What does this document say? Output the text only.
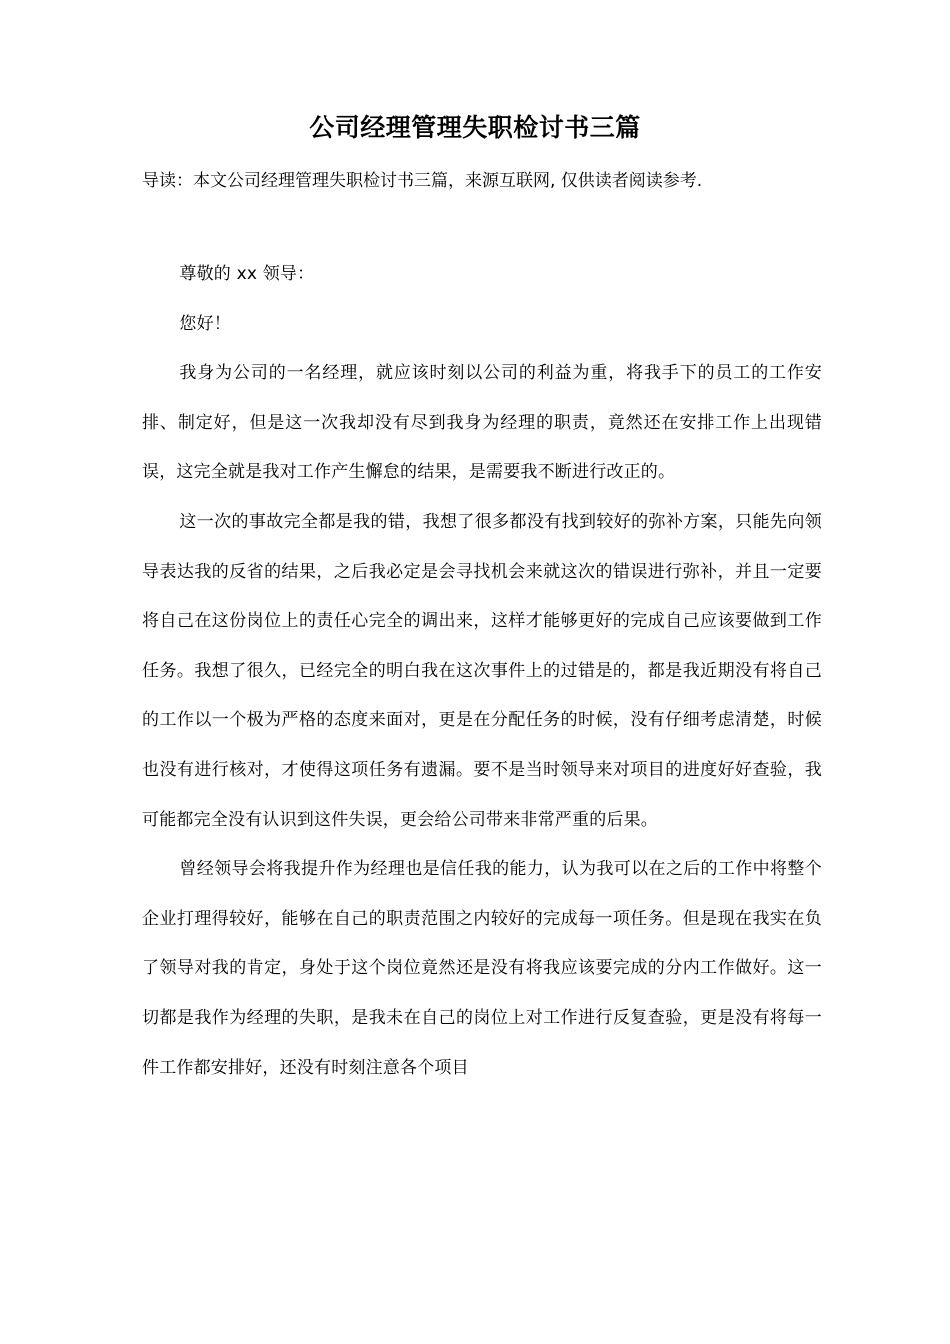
公司经理管理失职检讨书三篇
导读：本文公司经理管理失职检讨书三篇，来源互联网, 仅供读者阅读参考.

尊敬的 xx 领导：

您好！

我身为公司的一名经理，就应该时刻以公司的利益为重，将我手下的员工的工作安排、制定好，但是这一次我却没有尽到我身为经理的职责，竟然还在安排工作上出现错误，这完全就是我对工作产生懈怠的结果，是需要我不断进行改正的。

这一次的事故完全都是我的错，我想了很多都没有找到较好的弥补方案，只能先向领导表达我的反省的结果，之后我必定是会寻找机会来就这次的错误进行弥补，并且一定要将自己在这份岗位上的责任心完全的调出来，这样才能够更好的完成自己应该要做到工作任务。我想了很久，已经完全的明白我在这次事件上的过错是的，都是我近期没有将自己的工作以一个极为严格的态度来面对，更是在分配任务的时候，没有仔细考虑清楚，时候也没有进行核对，才使得这项任务有遗漏。要不是当时领导来对项目的进度好好查验，我可能都完全没有认识到这件失误，更会给公司带来非常严重的后果。

曾经领导会将我提升作为经理也是信任我的能力，认为我可以在之后的工作中将整个企业打理得较好，能够在自己的职责范围之内较好的完成每一项任务。但是现在我实在负了领导对我的肯定，身处于这个岗位竟然还是没有将我应该要完成的分内工作做好。这一切都是我作为经理的失职，是我未在自己的岗位上对工作进行反复查验，更是没有将每一件工作都安排好，还没有时刻注意各个项目
